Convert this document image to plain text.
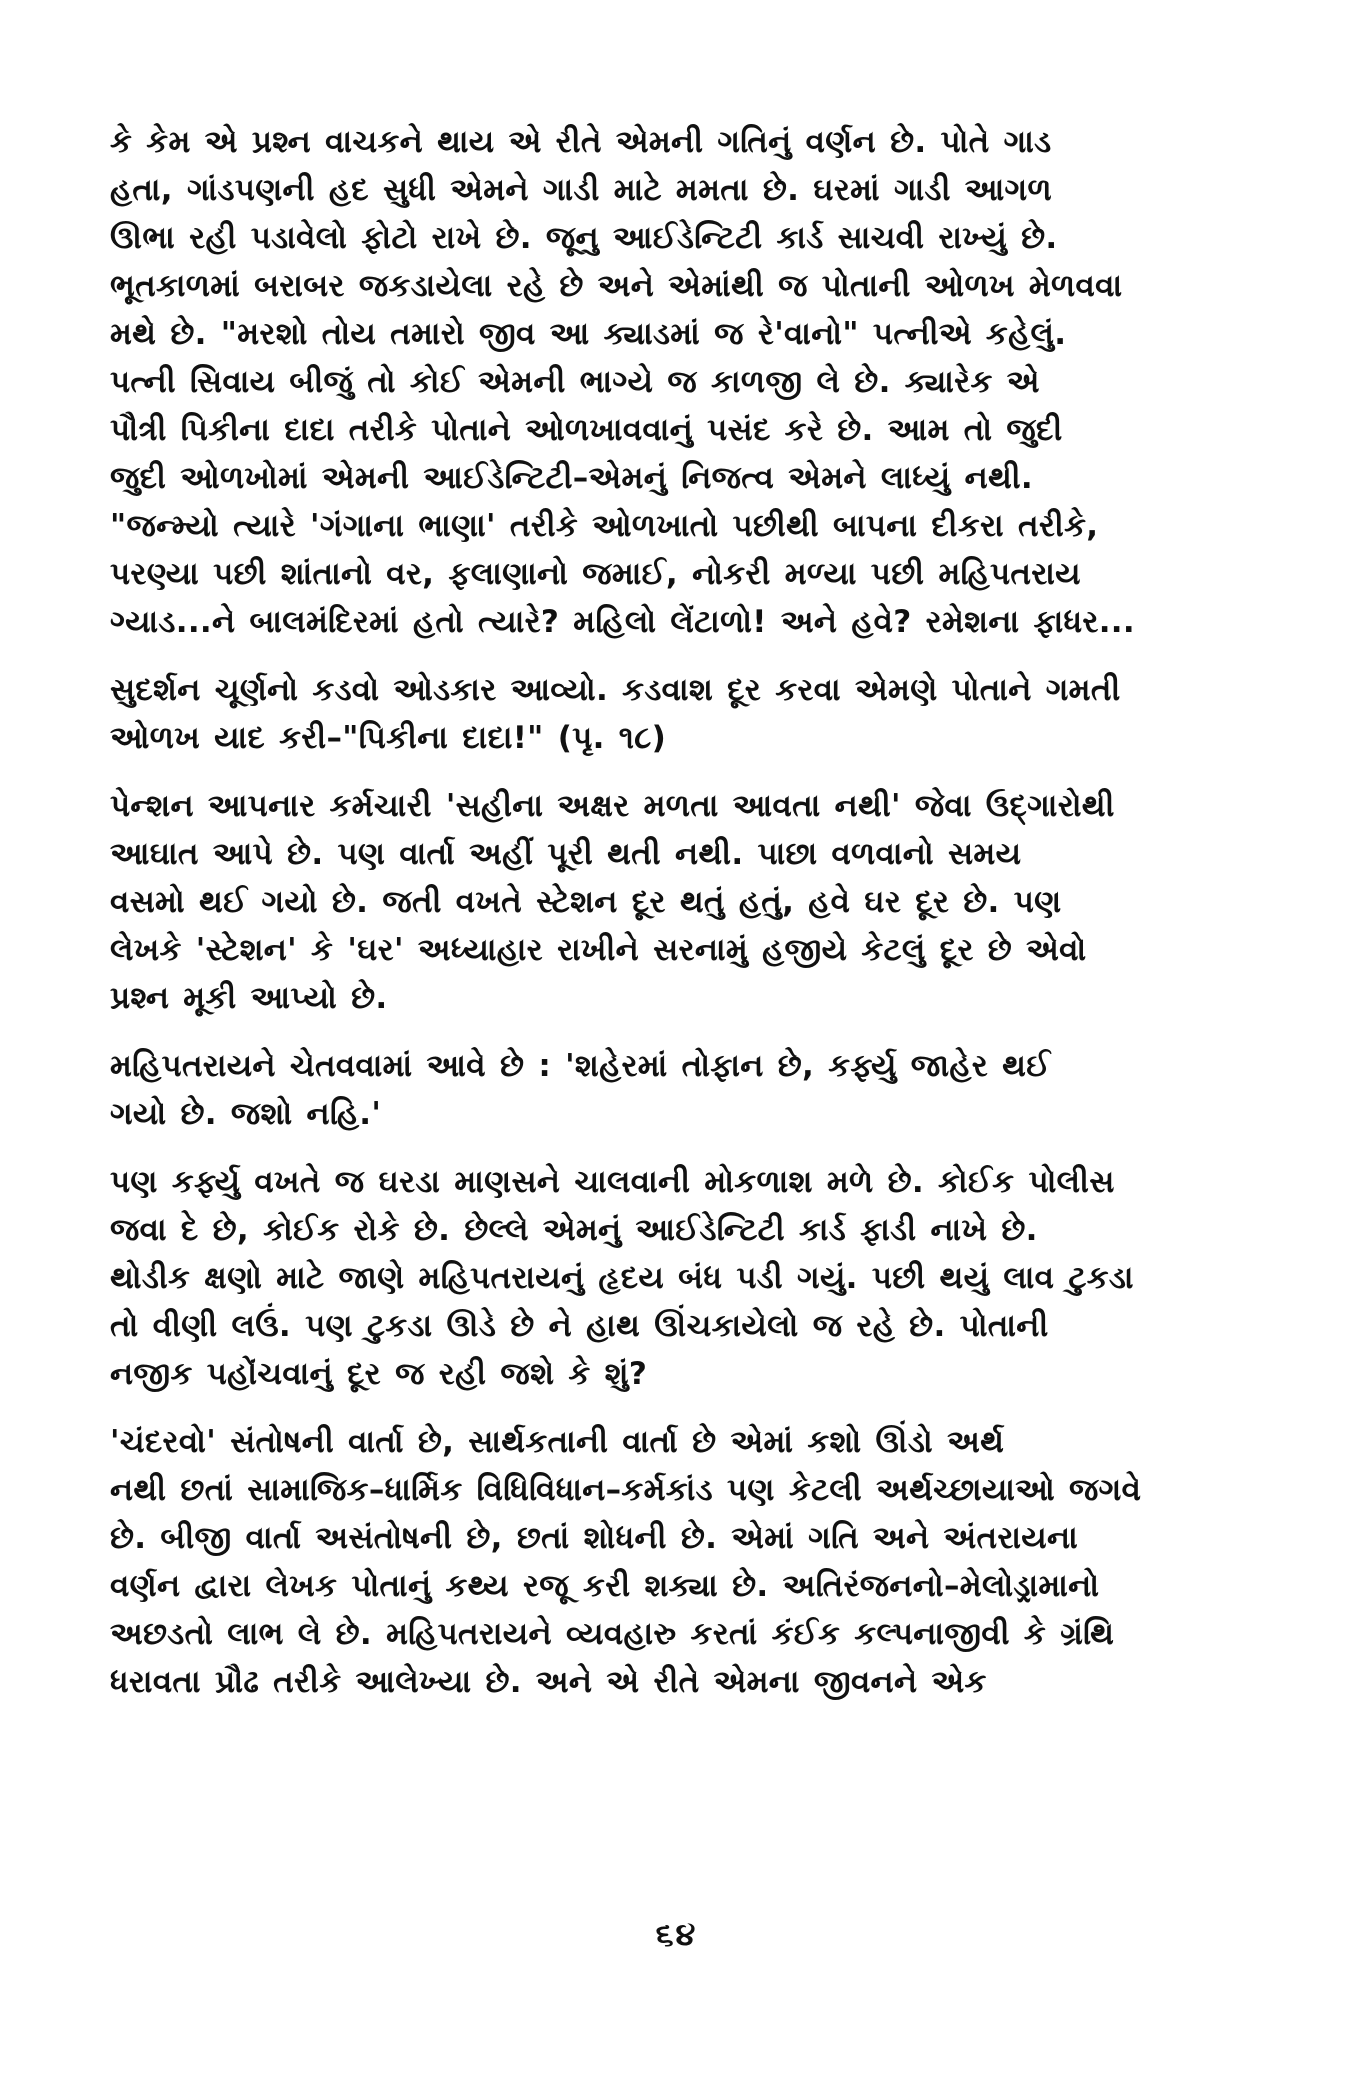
કે કેમ એ પ્રશ્ન વાચકને થાય એ રીતે એમની ગતિનું વર્ણન છે. પોતે ગાડ
હતા, ગાંડપણની હદ સુધી એમને ગાડી માટે મમતા છે. ઘરમાં ગાડી આગળ
ઊભા રહી પડાવેલો ફોટો રાખે છે. જૂનુ આઈડેન્ટિટી કાર્ડ સાચવી રાખ્યું છે.
ભૂતકાળમાં બરાબર જકડાયેલા રહે છે અને એમાંથી જ પોતાની ઓળખ મેળવવા
મથે છે. "મરશો તોય તમારો જીવ આ ક્યાડમાં જ રે'વાનો" પત્નીએ કહેલું.
પત્ની સિવાય બીજું તો કોઈ એમની ભાગ્યે જ કાળજી લે છે. ક્યારેક એ
પૌત્રી પિકીના દાદા તરીકે પોતાને ઓળખાવવાનું પસંદ કરે છે. આમ તો જુદી
જુદી ઓળખોમાં એમની આઈડેન્ટિટી–એમનું નિજત્વ એમને લાધ્યું નથી.
"જન્મ્યો ત્યારે 'ગંગાના ભાણા' તરીકે ઓળખાતો પછીથી બાપના દીકરા તરીકે,
પરણ્યા પછી શાંતાનો વર, ફલાણાનો જમાઈ, નોકરી મળ્યા પછી મહિપતરાય
ગ્યાડ...ને બાલમંદિરમાં હતો ત્યારે? મહિલો લેંટાળો! અને હવે? રમેશના ફાધર...

સુદર્શન ચૂર્ણનો કડવો ઓડકાર આવ્યો. કડવાશ દૂર કરવા એમણે પોતાને ગમતી
ઓળખ યાદ કરી–"પિકીના દાદા!" (પૃ. ૧૮)

પેન્શન આપનાર કર્મચારી 'સહીના અક્ષર મળતા આવતા નથી' જેવા ઉદ્ગારોથી
આઘાત આપે છે. પણ વાર્તા અહીં પૂરી થતી નથી. પાછા વળવાનો સમય
વસમો થઈ ગયો છે. જતી વખતે સ્ટેશન દૂર થતું હતું, હવે ઘર દૂર છે. પણ
લેખકે 'સ્ટેશન' કે 'ઘર' અધ્યાહાર રાખીને સરનામું હજીયે કેટલું દૂર છે એવો
પ્રશ્ન મૂકી આપ્યો છે.

મહિપતરાયને ચેતવવામાં આવે છે : 'શહેરમાં તોફાન છે, કર્ફ્યુ જાહેર થઈ
ગયો છે. જશો નહિ.'

પણ કર્ફ્યુ વખતે જ ઘરડા માણસને ચાલવાની મોકળાશ મળે છે. કોઈક પોલીસ
જવા દે છે, કોઈક રોકે છે. છેલ્લે એમનું આઈડેન્ટિટી કાર્ડ ફાડી નાખે છે.
થોડીક ક્ષણો માટે જાણે મહિપતરાયનું હૃદય બંધ પડી ગયું. પછી થયું લાવ ટુકડા
તો વીણી લઉં. પણ ટુકડા ઊડે છે ને હાથ ઊંચકાયેલો જ રહે છે. પોતાની
નજીક પહોંચવાનું દૂર જ રહી જશે કે શું?

'ચંદરવો' સંતોષની વાર્તા છે, સાર્થકતાની વાર્તા છે એમાં કશો ઊંડો અર્થ
નથી છતાં સામાજિક–ધાર્મિક વિધિવિધાન–કર્મકાંડ પણ કેટલી અર્થચ્છાયાઓ જગવે
છે. બીજી વાર્તા અસંતોષની છે, છતાં શોધની છે. એમાં ગતિ અને અંતરાયના
વર્ણન દ્વારા લેખક પોતાનું કથ્ય રજૂ કરી શક્યા છે. અતિરંજનનો–મેલોડ્રામાનો
અછડતો લાભ લે છે. મહિપતરાયને વ્યવહારુ કરતાં કંઈક કલ્પનાજીવી કે ગ્રંથિ
ધરાવતા પ્રૌઢ તરીકે આલેખ્યા છે. અને એ રીતે એમના જીવનને એક

૬૪
